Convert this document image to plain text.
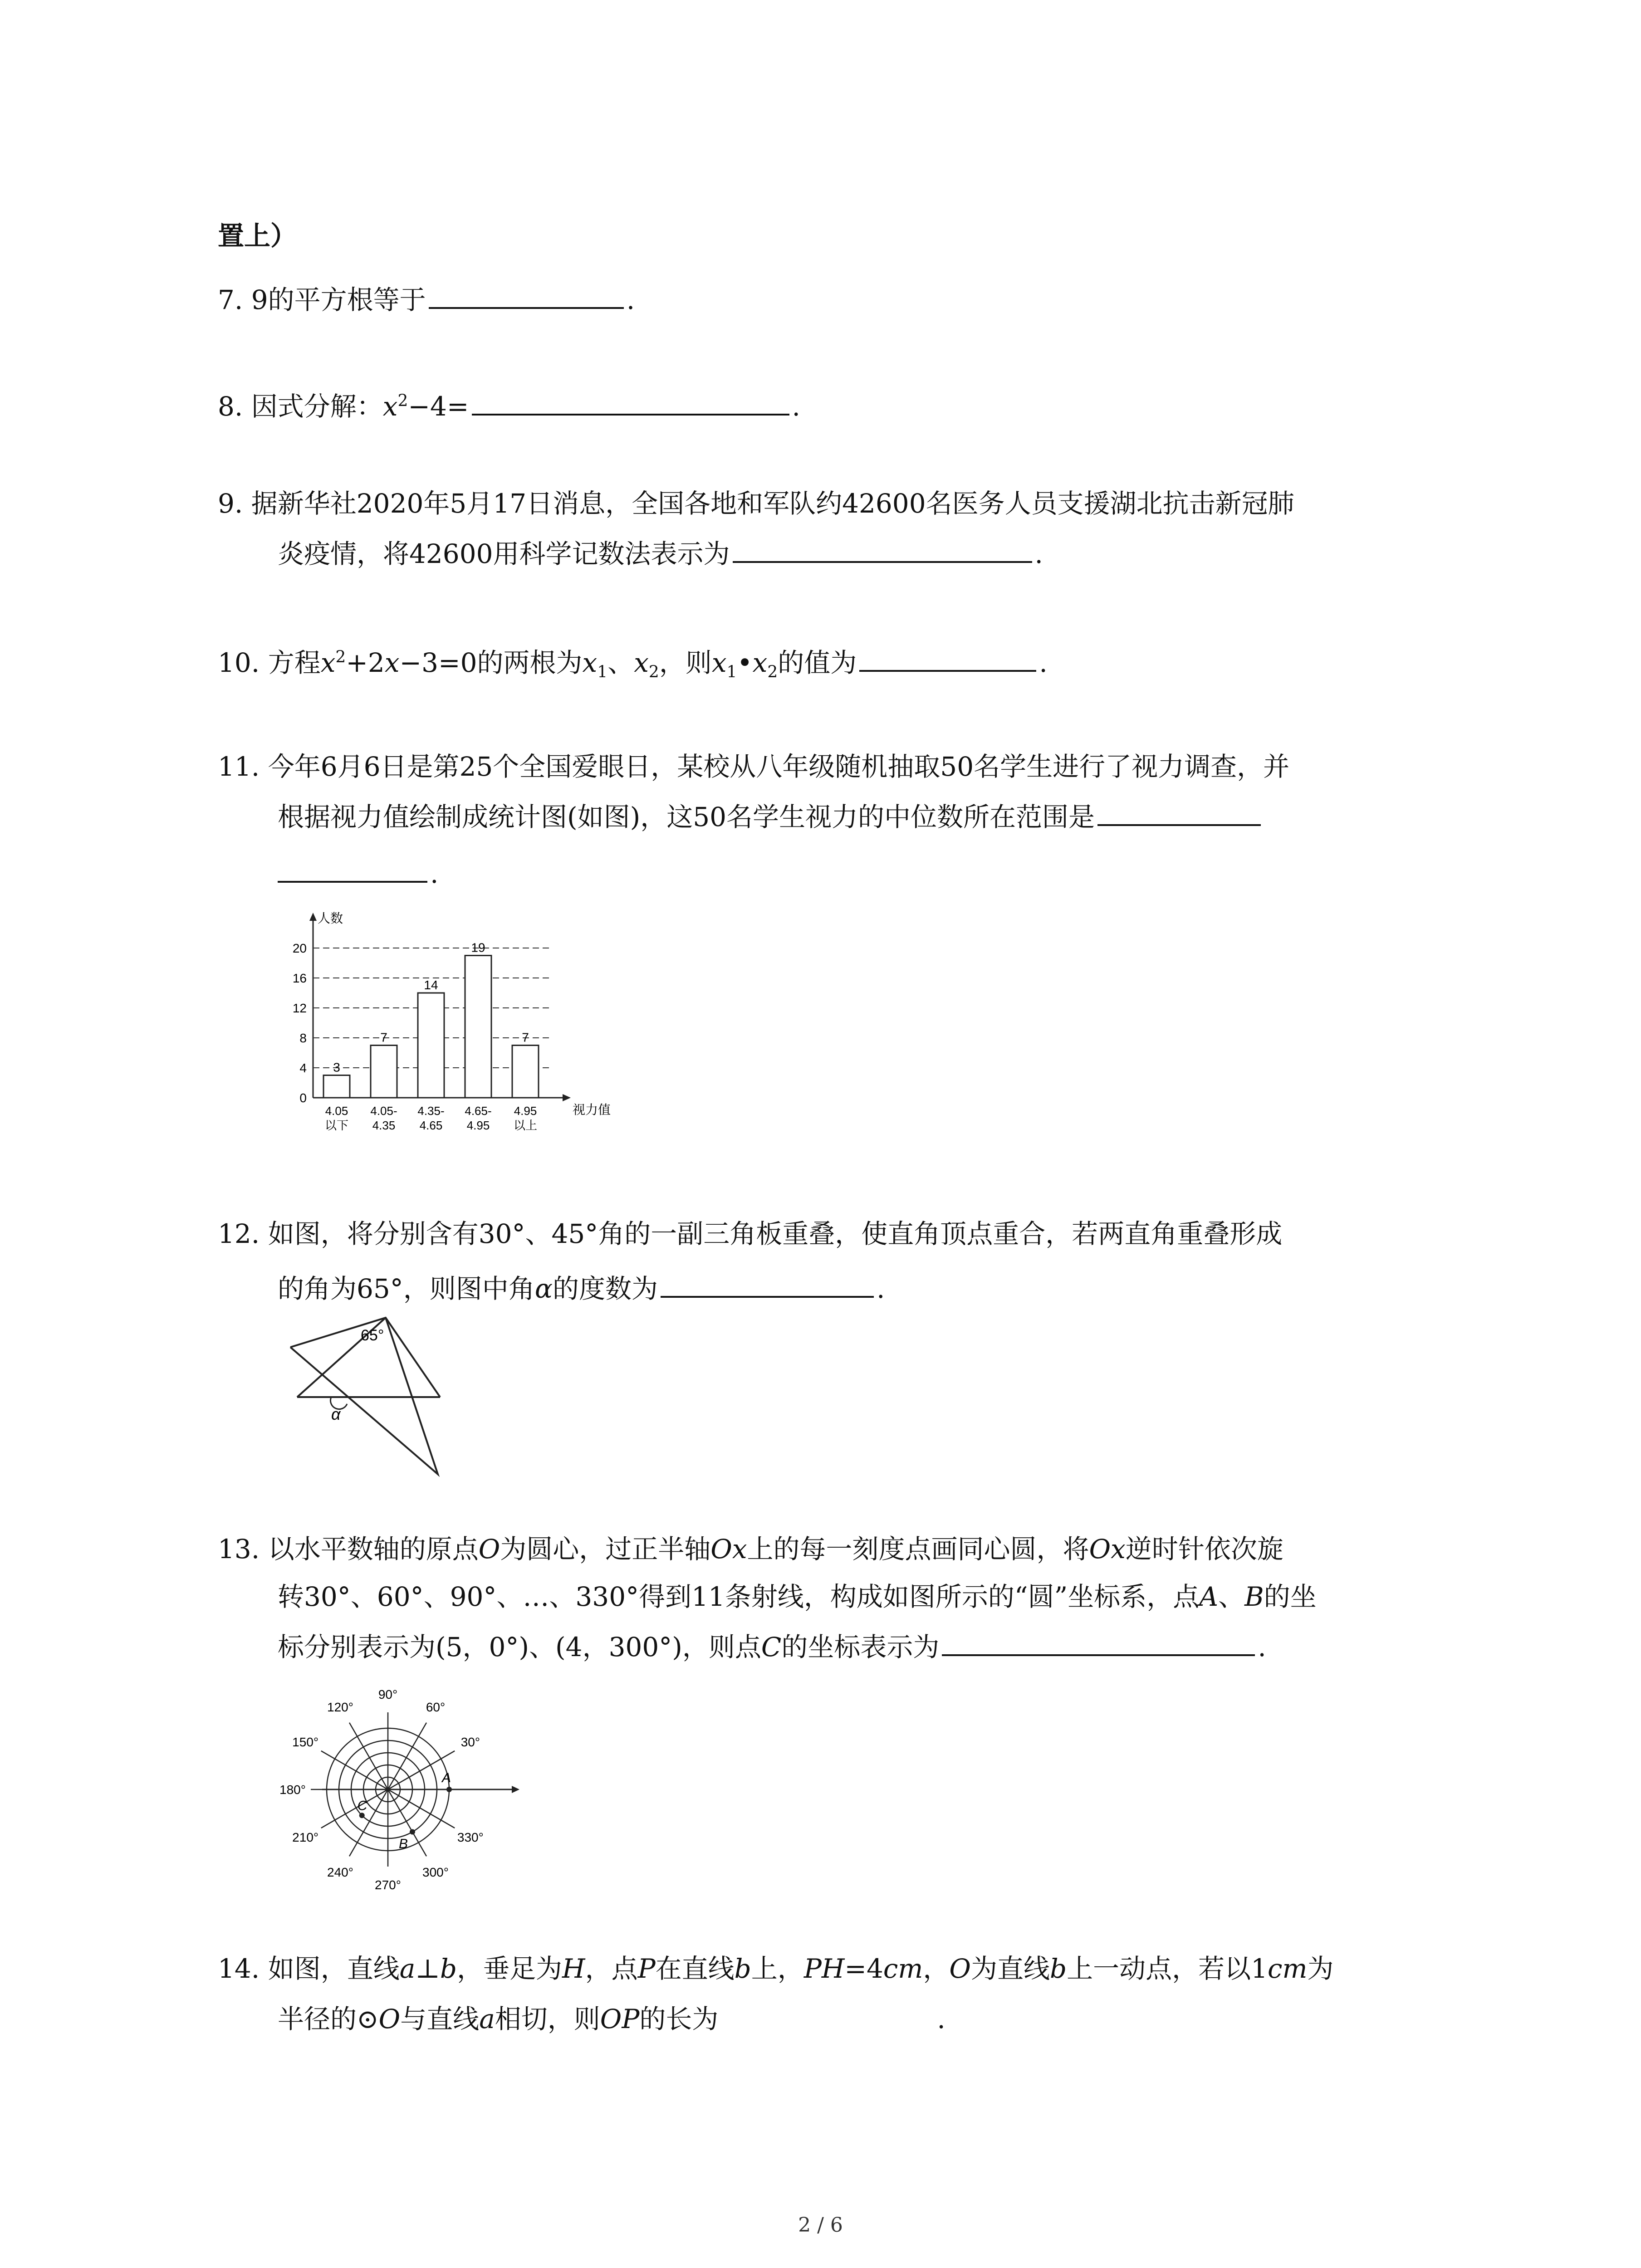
置上）
7. 9的平方根等于	.
8. 因式分解：$x^2-4=$	.
9. 据新华社2020年5月17日消息，全国各地和军队约42600名医务人员支援湖北抗击新冠肺
炎疫情，将42600用科学记数法表示为	.
10. 方程$x^2+2x-3=0$的两根为$x_1$、$x_2$，则$x_1•x_2$的值为	.
11. 今年6月6日是第25个全国爱眼日，某校从八年级随机抽取50名学生进行了视力调查，并
根据视力值绘制成统计图(如图)，这50名学生视力的中位数所在范围是
.
人数
视力值
0
4
8
12
16
20
3
4.05
以下
7
4.05-
4.35
14
4.35-
4.65
19
4.65-
4.95
7
4.95
以上
12. 如图，将分别含有30°、45°角的一副三角板重叠，使直角顶点重合，若两直角重叠形成
的角为65°，则图中角α的度数为	.
65°
α
13. 以水平数轴的原点O为圆心，过正半轴Ox上的每一刻度点画同心圆，将Ox逆时针依次旋
转30°、60°、90°、…、330°得到11条射线，构成如图所示的“圆”坐标系，点A、B的坐
标分别表示为(5，0°)、(4，300°)，则点C的坐标表示为	.
30°
60°
90°
120°
150°
180°
210°
240°
270°
300°
330°
A
B
C
14. 如图，直线a⊥b，垂足为H，点P在直线b上，PH=4cm，O为直线b上一动点，若以1cm为
半径的⊙O与直线a相切，则OP的长为	.
2 / 6
